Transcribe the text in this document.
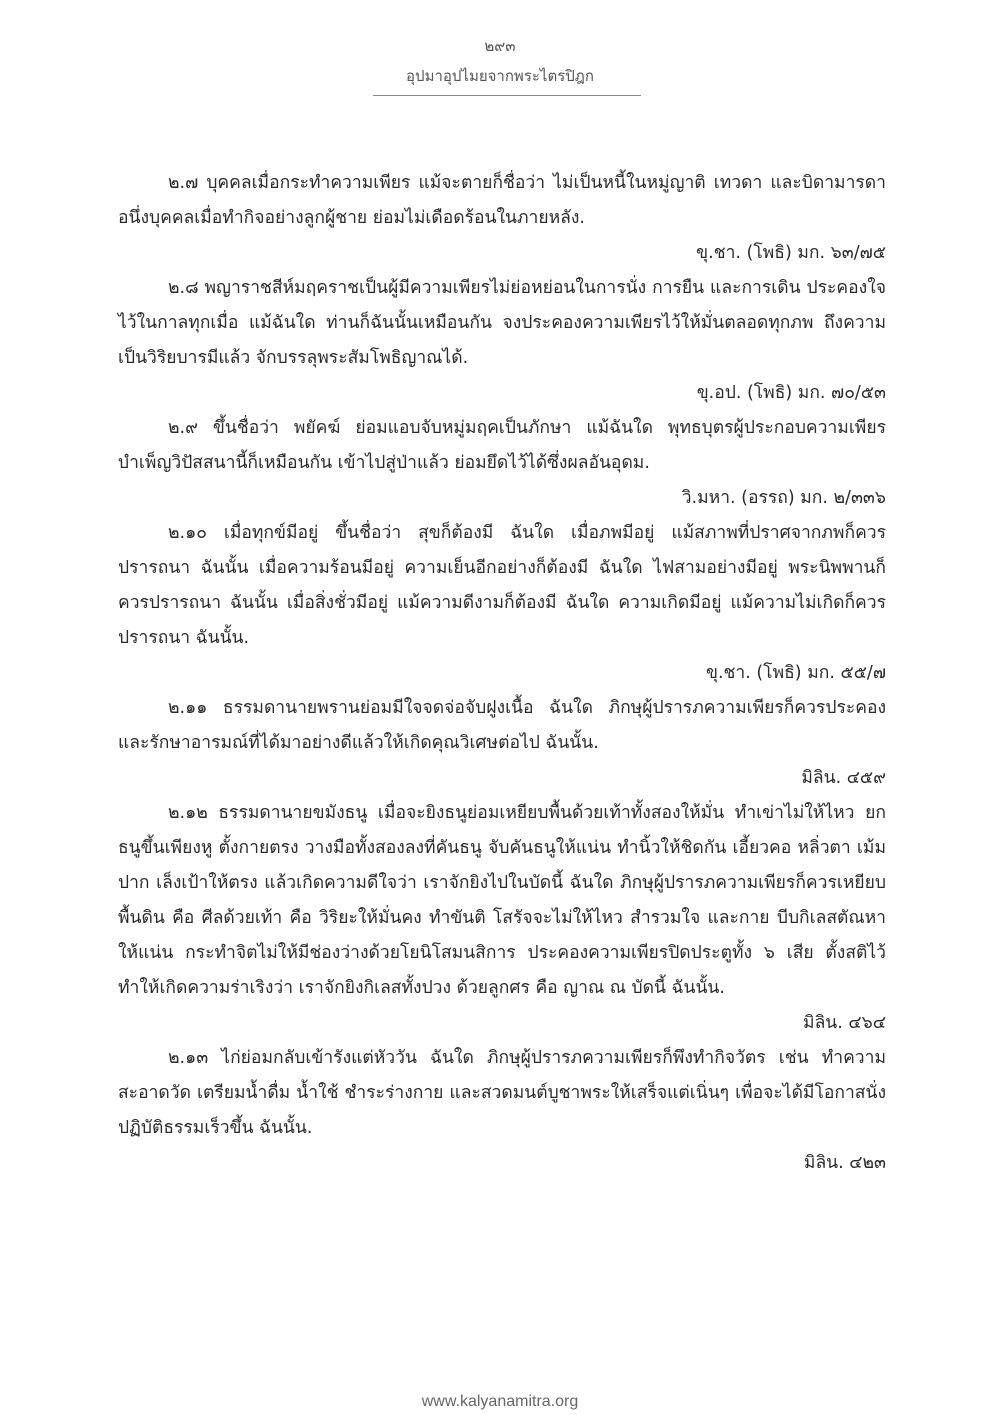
๒๙๓
อุปมาอุปไมยจากพระไตรปิฎก

๒.๗ บุคคลเมื่อกระทำความเพียร แม้จะตายก็ชื่อว่า ไม่เป็นหนี้ในหมู่ญาติ เทวดา และบิดามารดา อนึ่งบุคคลเมื่อทำกิจอย่างลูกผู้ชาย ย่อมไม่เดือดร้อนในภายหลัง.

ขุ.ชา. (โพธิ) มก. ๖๓/๗๕

๒.๘ พญาราชสีห์มฤคราชเป็นผู้มีความเพียรไม่ย่อหย่อนในการนั่ง การยืน และการเดิน ประคองใจไว้ในกาลทุกเมื่อ แม้ฉันใด ท่านก็ฉันนั้นเหมือนกัน จงประคองความเพียรไว้ให้มั่นตลอดทุกภพ ถึงความเป็นวิริยบารมีแล้ว จักบรรลุพระสัมโพธิญาณได้.

ขุ.อป. (โพธิ) มก. ๗๐/๕๓

๒.๙ ขึ้นชื่อว่า พยัคฆ์ ย่อมแอบจับหมู่มฤคเป็นภักษา แม้ฉันใด พุทธบุตรผู้ประกอบความเพียรบำเพ็ญวิปัสสนานี้ก็เหมือนกัน เข้าไปสู่ป่าแล้ว ย่อมยึดไว้ได้ซึ่งผลอันอุดม.

วิ.มหา. (อรรถ) มก. ๒/๓๓๖

๒.๑๐ เมื่อทุกข์มีอยู่ ขึ้นชื่อว่า สุขก็ต้องมี ฉันใด เมื่อภพมีอยู่ แม้สภาพที่ปราศจากภพก็ควรปรารถนา ฉันนั้น เมื่อความร้อนมีอยู่ ความเย็นอีกอย่างก็ต้องมี ฉันใด ไฟสามอย่างมีอยู่ พระนิพพานก็ควรปรารถนา ฉันนั้น เมื่อสิ่งชั่วมีอยู่ แม้ความดีงามก็ต้องมี ฉันใด ความเกิดมีอยู่ แม้ความไม่เกิดก็ควรปรารถนา ฉันนั้น.

ขุ.ชา. (โพธิ) มก. ๕๕/๗

๒.๑๑ ธรรมดานายพรานย่อมมีใจจดจ่อจับฝูงเนื้อ ฉันใด ภิกษุผู้ปรารภความเพียรก็ควรประคอง และรักษาอารมณ์ที่ได้มาอย่างดีแล้วให้เกิดคุณวิเศษต่อไป ฉันนั้น.

มิลิน. ๔๕๙

๒.๑๒ ธรรมดานายขมังธนู เมื่อจะยิงธนูย่อมเหยียบพื้นด้วยเท้าทั้งสองให้มั่น ทำเข่าไม่ให้ไหว ยกธนูขึ้นเพียงหู ตั้งกายตรง วางมือทั้งสองลงที่คันธนู จับคันธนูให้แน่น ทำนิ้วให้ชิดกัน เอี้ยวคอ หลิ่วตา เม้มปาก เล็งเป้าให้ตรง แล้วเกิดความดีใจว่า เราจักยิงไปในบัดนี้ ฉันใด ภิกษุผู้ปรารภความเพียรก็ควรเหยียบพื้นดิน คือ ศีลด้วยเท้า คือ วิริยะให้มั่นคง ทำขันติ โสรัจจะไม่ให้ไหว สำรวมใจ และกาย บีบกิเลสตัณหาให้แน่น กระทำจิตไม่ให้มีช่องว่างด้วยโยนิโสมนสิการ ประคองความเพียรปิดประตูทั้ง ๖ เสีย ตั้งสติไว้ทำให้เกิดความร่าเริงว่า เราจักยิงกิเลสทั้งปวง ด้วยลูกศร คือ ญาณ ณ บัดนี้ ฉันนั้น.

มิลิน. ๔๖๔

๒.๑๓ ไก่ย่อมกลับเข้ารังแต่หัววัน ฉันใด ภิกษุผู้ปรารภความเพียรก็พึงทำกิจวัตร เช่น ทำความสะอาดวัด เตรียมน้ำดื่ม น้ำใช้ ชำระร่างกาย และสวดมนต์บูชาพระให้เสร็จแต่เนิ่นๆ เพื่อจะได้มีโอกาสนั่งปฏิบัติธรรมเร็วขึ้น ฉันนั้น.

มิลิน. ๔๒๓

www.kalyanamitra.org
